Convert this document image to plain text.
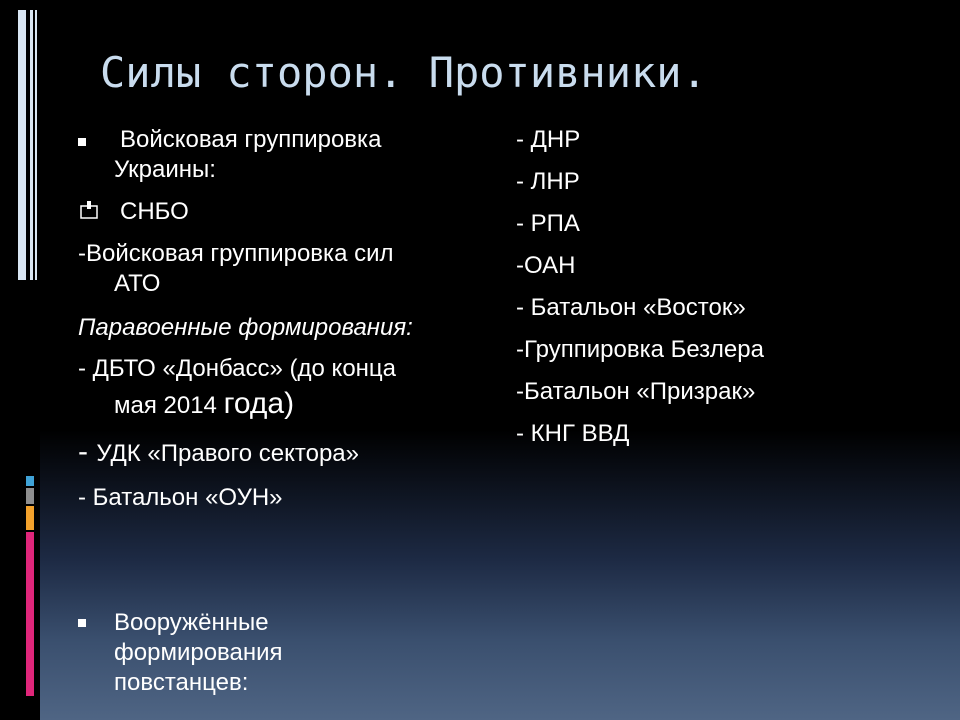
Силы сторон. Противники.
Войсковая группировка
Украины:
СНБО
-Войсковая группировка сил
АТО
Паравоенные формирования:
- ДБТО «Донбасс» (до конца
мая 2014 года)
- УДК «Правого сектора»
- Батальон «ОУН»
Вооружённые
формирования
повстанцев:
- ДНР
- ЛНР
- РПА
-ОАН
- Батальон «Восток»
-Группировка Безлера
-Батальон «Призрак»
- КНГ ВВД
